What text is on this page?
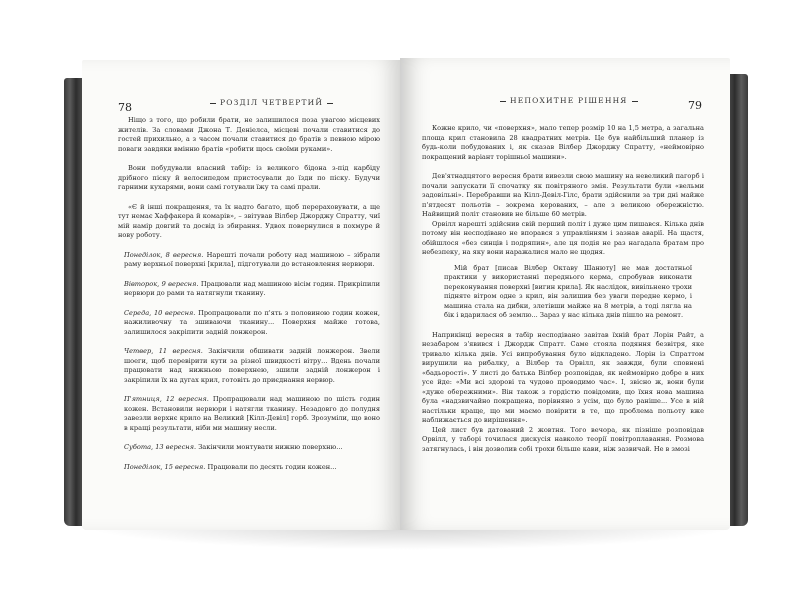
78	РОЗДІЛ ЧЕТВЕРТИЙ

Ніщо з того, що робили брати, не залишилося поза увагою місцевих жителів. За словами Джона Т. Деніелса, місцеві почали ставитися до гостей прихильно, а з часом почали ставитися до братів з певною мірою поваги завдяки вмінню братів «робити щось своїми руками».

Вони побудували власний табір: із великого бідона з-під карбіду дрібного піску й велосипедом пристосували до їзди по піску. Будучи гарними кухарями, вони самі готували їжу та самі прали.

«Є й інші покращення, та їх надто багато, щоб перераховувати, а ще тут немає Хаффакера й комарів», – звітував Вілбер Джорджу Спратту, чиї мій намір довгий та досвід із збирання. Удвох повернулися в похмуре й нову роботу.

Понеділок, 8 вересня. Нарешті почали роботу над машиною – зібрали раму верхньої поверхні [крила], підготували до встановлення нервюри.
Вівторок, 9 вересня. Працювали над машиною вісім годин. Прикріпили нервюри до рами та натягнули тканину.
Середа, 10 вересня. Пропрацювали по п'ять з половиною годин кожен, нажиливочну та зшиваючи тканину... Поверхня майже готова, залишилося закріпити задній лонжерон.
Четвер, 11 вересня. Закінчили обшивати задній лонжерон. Звели шоеги, щоб перевірити кути за різної швидкості вітру... Вдень почали працювати над нижньою поверхнею, зшили задній лонжерон і закріпили їх на дугах крил, готовіть до приєднання нервюр.
П'ятниця, 12 вересня. Пропрацювали над машиною по шість годин кожен. Встановили нервюри і натягли тканину. Незадовго до полудня завезли верхнє крило на Великий [Кілл-Девіл] горб. Зрозуміли, що воно в кращі результати, ніби ми машину несли.
Субота, 13 вересня. Закінчили монтувати нижню поверхню...
Понеділок, 15 вересня. Працювали по десять годин кожен...
НЕПОХИТНЕ РІШЕННЯ	79

Кожне крило, чи «поверхня», мало тепер розмір 10 на 1,5 метра, а загальна площа крил становила 28 квадратних метрів. Це був найбільший планер із будь-коли побудованих і, як сказав Вілбер Джорджу Спратту, «неймовірно покращений варіант торішньої машини».

Дев'ятнадцятого вересня брати вивезли свою машину на невеликий пагорб і почали запускати її спочатку як повітряного змія. Результати були «вельми задовільні». Перебравши на Кілл-Девіл-Гілс, брати здійснили за три дні майже п'ятдесят польотів – зокрема керованих, – але з великою обережністю. Найвищий політ становив не більше 60 метрів.

Орвілл нарешті здійснив свій перший політ і дуже цим пишався. Кілька днів потому він несподівано не впорався з управлінням і зазнав аварії. На щастя, обійшлося «без синців і подряпин», але ця подія не раз нагадала братам про небезпеку, на яку вони наражалися мало не щодня.

Мій брат [писав Вілбер Октаву Шанюту] не мав достатньої практики у використанні переднього керма, спробував виконати переконування поверхні [вигин крила]. Як наслідок, вивільнено трохи підняте вітром одне з крил, він залишив без уваги передне кермо, і машина стала на дибки, злетівши майже на 8 метрів, а тоді лягла на бік і вдарилася об землю... Зараз у нас кілька днів пішло на ремонт.

Наприкінці вересня в табір несподівано завітав їхній брат Лорін Райт, а незабаром з'явився і Джордж Спратт. Саме стояла подяння безвітря, яке тривало кілька днів. Усі випробування було відкладено. Лорін із Спраттом вирушили на рибалку, а Вілбер та Орвілл, як завжди, були сповнені «бадьорості». У листі до батька Вілбер розповідав, як неймовірно добре в них усе йде: «Ми всі здорові та чудово проводимо час». І, звісно ж, вони були «дуже обережними». Він також з гордістю повідомив, що їхня нова машина була «надзвичайно покращена, порівняно з усім, що було раніше... Усе в ній настільки краще, що ми маємо повірити в те, що проблема польоту вже наближається до вирішення».

Цей лист був датований 2 жовтня. Того вечора, як пізніше розповідав Орвілл, у таборі точилася дискусія навколо теорії повітроплавання. Розмова затягнулась, і він дозволив собі трохи більше кави, ніж зазвичай. Не в змозі
